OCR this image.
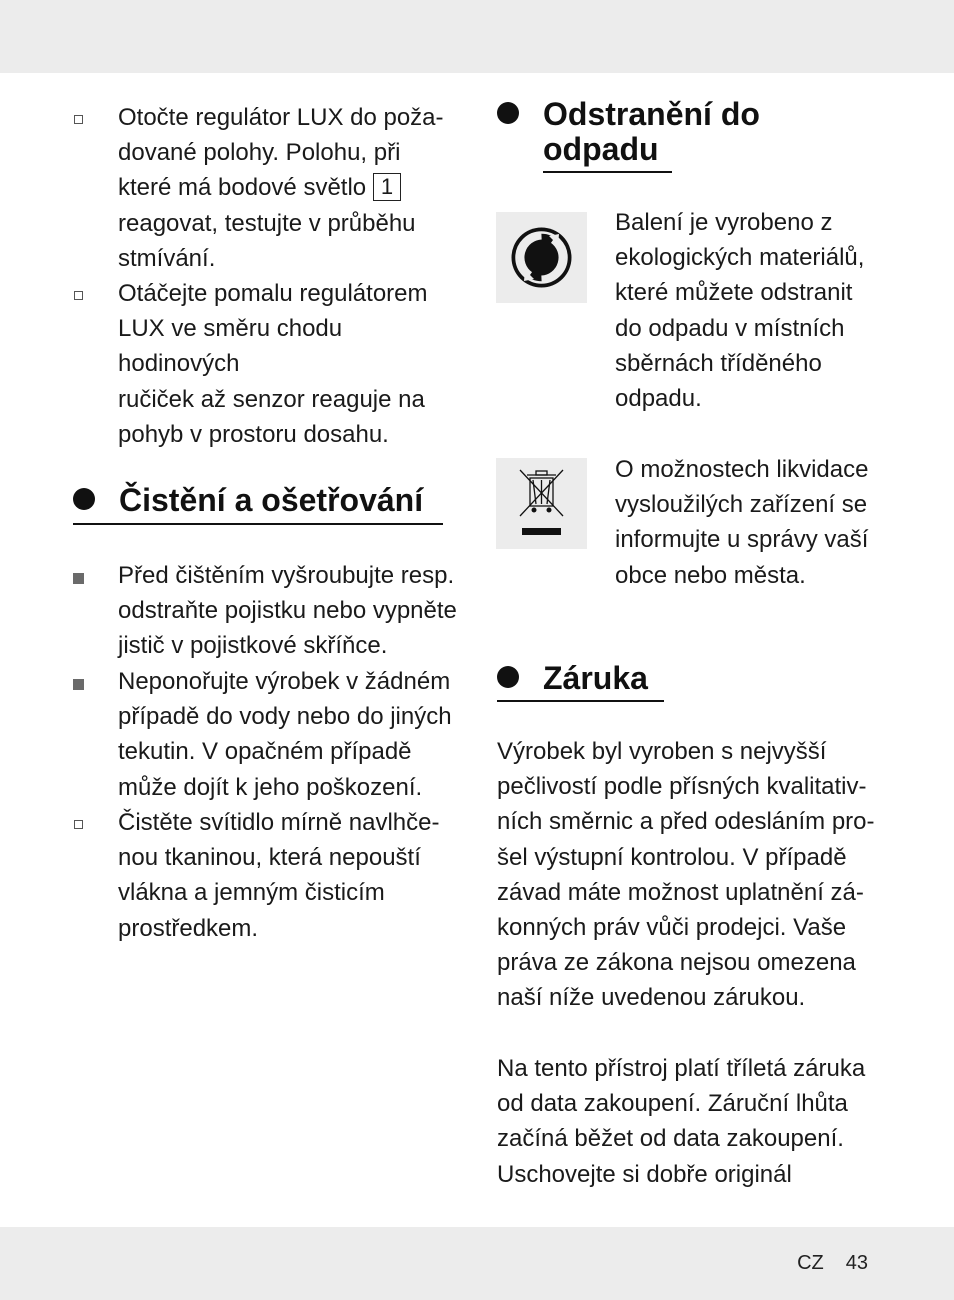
Otočte regulátor LUX do poža-
dované polohy. Polohu, při
které má bodové světlo 1
reagovat, testujte v průběhu
stmívání.
Otáčejte pomalu regulátorem
LUX ve směru chodu hodinových
ručiček až senzor reaguje na
pohyb v prostoru dosahu.
Čistění a ošetřování
Před čištěním vyšroubujte resp.
odstraňte pojistku nebo vypněte
jistič v pojistkové skříňce.
Neponořujte výrobek v žádném
případě do vody nebo do jiných
tekutin. V opačném případě
může dojít k jeho poškození.
Čistěte svítidlo mírně navlhče-
nou tkaninou, která nepouští
vlákna a jemným čisticím
prostředkem.
Odstranění do
odpadu
Balení je vyrobeno z
ekologických materiálů,
které můžete odstranit
do odpadu v místních
sběrnách tříděného
odpadu.
O možnostech likvidace
vysloužilých zařízení se
informujte u správy vaší
obce nebo města.
Záruka
Výrobek byl vyroben s nejvyšší
pečlivostí podle přísných kvalitativ-
ních směrnic a před odesláním pro-
šel výstupní kontrolou. V případě
závad máte možnost uplatnění zá-
konných práv vůči prodejci. Vaše
práva ze zákona nejsou omezena
naší níže uvedenou zárukou.
Na tento přístroj platí tříletá záruka
od data zakoupení. Záruční lhůta
začíná běžet od data zakoupení.
Uschovejte si dobře originál
CZ 43
